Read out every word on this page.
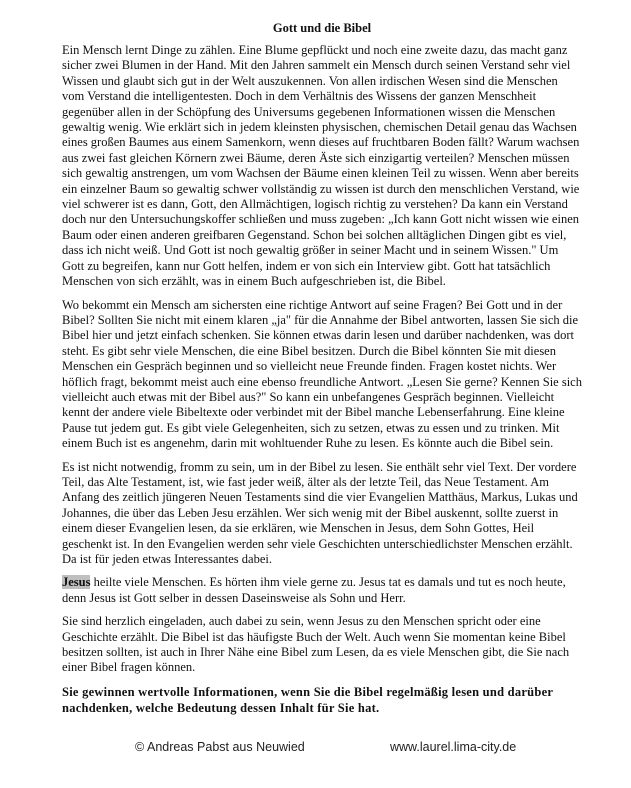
Gott und die Bibel

Ein Mensch lernt Dinge zu zählen. Eine Blume gepflückt und noch eine zweite dazu, das macht ganz sicher zwei Blumen in der Hand. Mit den Jahren sammelt ein Mensch durch seinen Verstand sehr viel Wissen und glaubt sich gut in der Welt auszukennen. Von allen irdischen Wesen sind die Menschen vom Verstand die intelligentesten. Doch in dem Verhältnis des Wissens der ganzen Menschheit gegenüber allen in der Schöpfung des Universums gegebenen Informationen wissen die Menschen gewaltig wenig. Wie erklärt sich in jedem kleinsten physischen, chemischen Detail genau das Wachsen eines großen Baumes aus einem Samenkorn, wenn dieses auf fruchtbaren Boden fällt? Warum wachsen aus zwei fast gleichen Körnern zwei Bäume, deren Äste sich einzigartig verteilen? Menschen müssen sich gewaltig anstrengen, um vom Wachsen der Bäume einen kleinen Teil zu wissen. Wenn aber bereits ein einzelner Baum so gewaltig schwer vollständig zu wissen ist durch den menschlichen Verstand, wie viel schwerer ist es dann, Gott, den Allmächtigen, logisch richtig zu verstehen? Da kann ein Verstand doch nur den Untersuchungskoffer schließen und muss zugeben: „Ich kann Gott nicht wissen wie einen Baum oder einen anderen greifbaren Gegenstand. Schon bei solchen alltäglichen Dingen gibt es viel, dass ich nicht weiß. Und Gott ist noch gewaltig größer in seiner Macht und in seinem Wissen." Um Gott zu begreifen, kann nur Gott helfen, indem er von sich ein Interview gibt. Gott hat tatsächlich Menschen von sich erzählt, was in einem Buch aufgeschrieben ist, die Bibel.

Wo bekommt ein Mensch am sichersten eine richtige Antwort auf seine Fragen? Bei Gott und in der Bibel? Sollten Sie nicht mit einem klaren „ja" für die Annahme der Bibel antworten, lassen Sie sich die Bibel hier und jetzt einfach schenken. Sie können etwas darin lesen und darüber nachdenken, was dort steht. Es gibt sehr viele Menschen, die eine Bibel besitzen. Durch die Bibel könnten Sie mit diesen Menschen ein Gespräch beginnen und so vielleicht neue Freunde finden. Fragen kostet nichts. Wer höflich fragt, bekommt meist auch eine ebenso freundliche Antwort. „Lesen Sie gerne? Kennen Sie sich vielleicht auch etwas mit der Bibel aus?" So kann ein unbefangenes Gespräch beginnen. Vielleicht kennt der andere viele Bibeltexte oder verbindet mit der Bibel manche Lebenserfahrung. Eine kleine Pause tut jedem gut. Es gibt viele Gelegenheiten, sich zu setzen, etwas zu essen und zu trinken. Mit einem Buch ist es angenehm, darin mit wohltuender Ruhe zu lesen. Es könnte auch die Bibel sein.

Es ist nicht notwendig, fromm zu sein, um in der Bibel zu lesen. Sie enthält sehr viel Text. Der vordere Teil, das Alte Testament, ist, wie fast jeder weiß, älter als der letzte Teil, das Neue Testament. Am Anfang des zeitlich jüngeren Neuen Testaments sind die vier Evangelien Matthäus, Markus, Lukas und Johannes, die über das Leben Jesu erzählen. Wer sich wenig mit der Bibel auskennt, sollte zuerst in einem dieser Evangelien lesen, da sie erklären, wie Menschen in Jesus, dem Sohn Gottes, Heil geschenkt ist. In den Evangelien werden sehr viele Geschichten unterschiedlichster Menschen erzählt. Da ist für jeden etwas Interessantes dabei.

Jesus heilte viele Menschen. Es hörten ihm viele gerne zu. Jesus tat es damals und tut es noch heute, denn Jesus ist Gott selber in dessen Daseinsweise als Sohn und Herr.

Sie sind herzlich eingeladen, auch dabei zu sein, wenn Jesus zu den Menschen spricht oder eine Geschichte erzählt. Die Bibel ist das häufigste Buch der Welt. Auch wenn Sie momentan keine Bibel besitzen sollten, ist auch in Ihrer Nähe eine Bibel zum Lesen, da es viele Menschen gibt, die Sie nach einer Bibel fragen können.

Sie gewinnen wertvolle Informationen, wenn Sie die Bibel regelmäßig lesen und darüber nachdenken, welche Bedeutung dessen Inhalt für Sie hat.

© Andreas Pabst aus Neuwied	www.laurel.lima-city.de
